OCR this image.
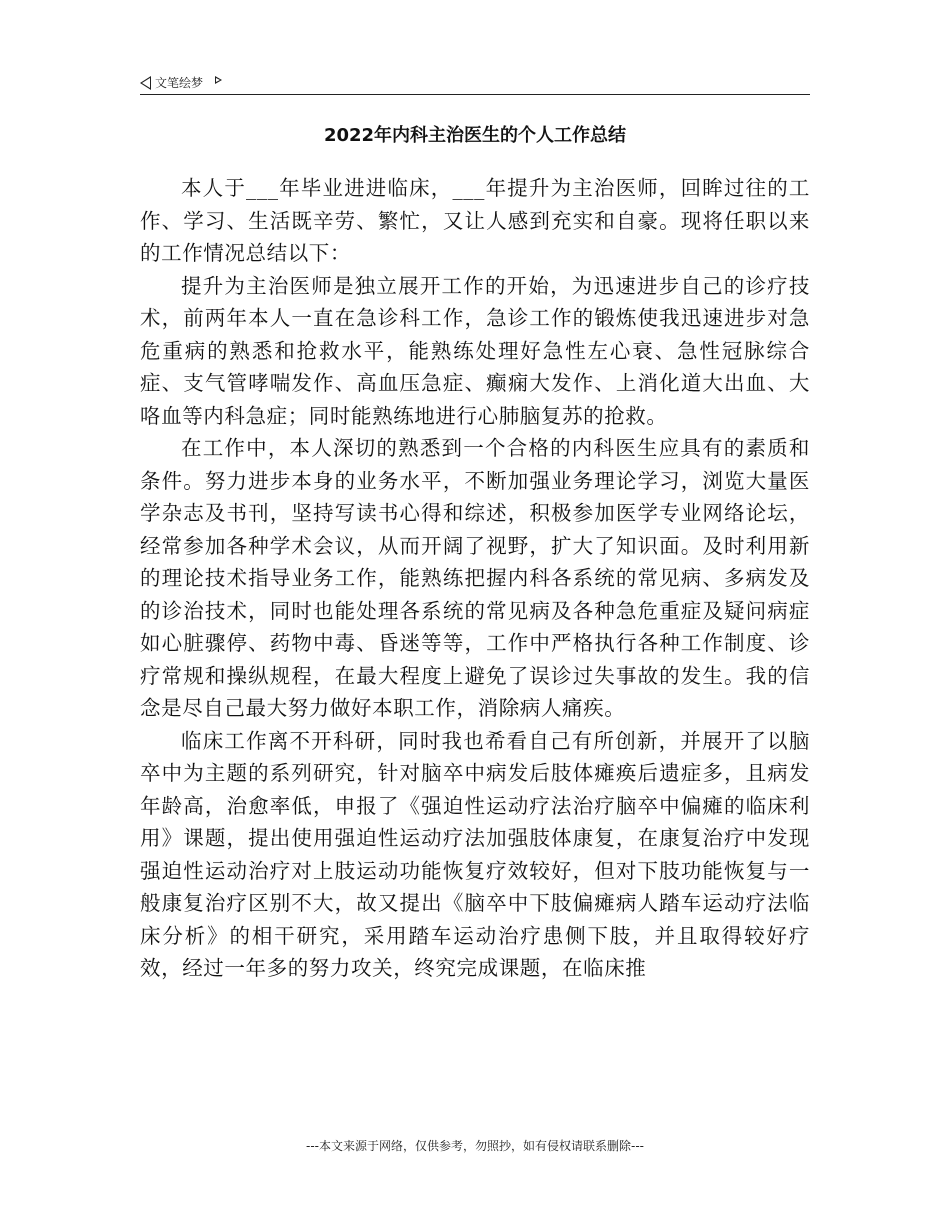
文笔绘梦
2022年内科主治医生的个人工作总结

本人于___年毕业进进临床，___年提升为主治医师，回眸过往的工作、学习、生活既辛劳、繁忙，又让人感到充实和自豪。现将任职以来的工作情况总结以下：

提升为主治医师是独立展开工作的开始，为迅速进步自己的诊疗技术，前两年本人一直在急诊科工作，急诊工作的锻炼使我迅速进步对急危重病的熟悉和抢救水平，能熟练处理好急性左心衰、急性冠脉综合症、支气管哮喘发作、高血压急症、癫痫大发作、上消化道大出血、大咯血等内科急症；同时能熟练地进行心肺脑复苏的抢救。

在工作中，本人深切的熟悉到一个合格的内科医生应具有的素质和条件。努力进步本身的业务水平，不断加强业务理论学习，浏览大量医学杂志及书刊，坚持写读书心得和综述，积极参加医学专业网络论坛，经常参加各种学术会议，从而开阔了视野，扩大了知识面。及时利用新的理论技术指导业务工作，能熟练把握内科各系统的常见病、多病发及的诊治技术，同时也能处理各系统的常见病及各种急危重症及疑问病症如心脏骤停、药物中毒、昏迷等等，工作中严格执行各种工作制度、诊疗常规和操纵规程，在最大程度上避免了误诊过失事故的发生。我的信念是尽自己最大努力做好本职工作，消除病人痛疾。

临床工作离不开科研，同时我也希看自己有所创新，并展开了以脑卒中为主题的系列研究，针对脑卒中病发后肢体瘫痪后遗症多，且病发年龄高，治愈率低，申报了《强迫性运动疗法治疗脑卒中偏瘫的临床利用》课题，提出使用强迫性运动疗法加强肢体康复，在康复治疗中发现强迫性运动治疗对上肢运动功能恢复疗效较好，但对下肢功能恢复与一般康复治疗区别不大，故又提出《脑卒中下肢偏瘫病人踏车运动疗法临床分析》的相干研究，采用踏车运动治疗患侧下肢，并且取得较好疗效，经过一年多的努力攻关，终究完成课题，在临床推

---本文来源于网络，仅供参考，勿照抄，如有侵权请联系删除---
